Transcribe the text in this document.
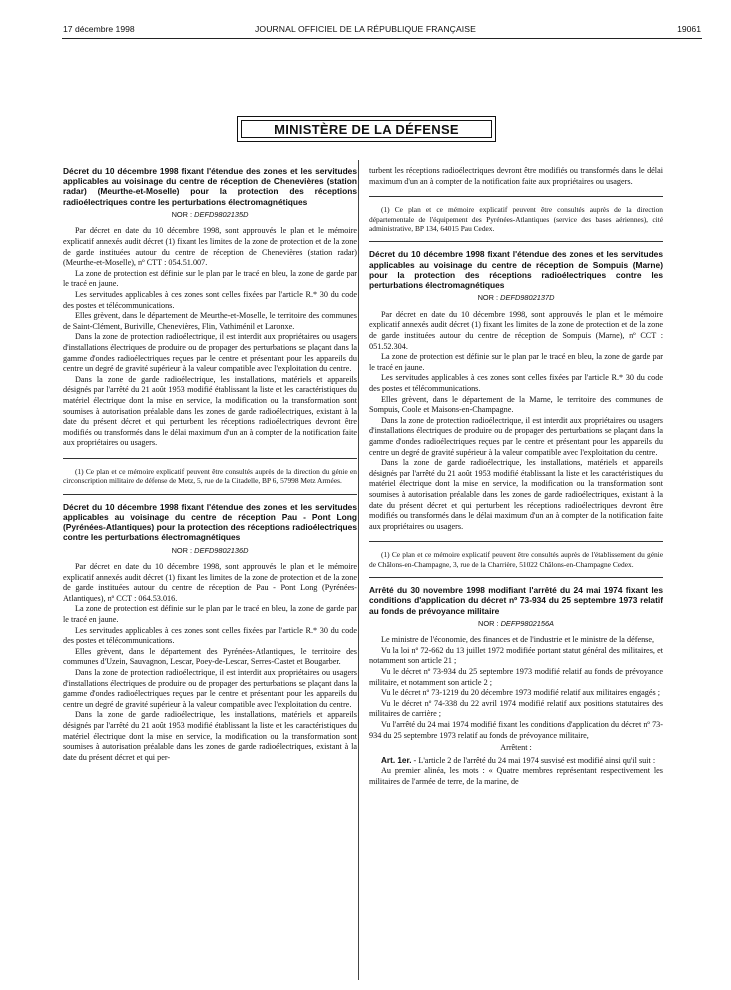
17 décembre 1998	JOURNAL OFFICIEL DE LA RÉPUBLIQUE FRANÇAISE	19061
MINISTÈRE DE LA DÉFENSE
Décret du 10 décembre 1998 fixant l'étendue des zones et les servitudes applicables au voisinage du centre de réception de Chenevières (station radar) (Meurthe-et-Moselle) pour la protection des réceptions radioélectriques contre les perturbations électromagnétiques
NOR : DEFD9802135D

Par décret en date du 10 décembre 1998, sont approuvés le plan et le mémoire explicatif annexés audit décret (1) fixant les limites de la zone de protection et de la zone de garde instituées autour du centre de réception de Chenevières (station radar) (Meurthe-et-Moselle), nº CTT : 054.51.007.

La zone de protection est définie sur le plan par le tracé en bleu, la zone de garde par le tracé en jaune.

Les servitudes applicables à ces zones sont celles fixées par l'article R.* 30 du code des postes et télécommunications.

Elles grèvent, dans le département de Meurthe-et-Moselle, le territoire des communes de Saint-Clément, Buriville, Chenevières, Flin, Vathiménil et Laronxe.

Dans la zone de protection radioélectrique, il est interdit aux propriétaires ou usagers d'installations électriques de produire ou de propager des perturbations se plaçant dans la gamme d'ondes radioélectriques reçues par le centre et présentant pour les appareils du centre un degré de gravité supérieur à la valeur compatible avec l'exploitation du centre.

Dans la zone de garde radioélectrique, les installations, matériels et appareils désignés par l'arrêté du 21 août 1953 modifié établissant la liste et les caractéristiques du matériel électrique dont la mise en service, la modification ou la transformation sont soumises à autorisation préalable dans les zones de garde radioélectriques, existant à la date du présent décret et qui perturbent les réceptions radioélectriques devront être modifiés ou transformés dans le délai maximum d'un an à compter de la notification faite aux propriétaires ou usagers.

(1) Ce plan et ce mémoire explicatif peuvent être consultés auprès de la direction du génie en circonscription militaire de défense de Metz, 5, rue de la Citadelle, BP 6, 57998 Metz Armées.

Décret du 10 décembre 1998 fixant l'étendue des zones et les servitudes applicables au voisinage du centre de réception Pau - Pont Long (Pyrénées-Atlantiques) pour la protection des réceptions radioélectriques contre les perturbations électromagnétiques
NOR : DEFD9802136D

Par décret en date du 10 décembre 1998, sont approuvés le plan et le mémoire explicatif annexés audit décret (1) fixant les limites de la zone de protection et de la zone de garde instituées autour du centre de réception de Pau - Pont Long (Pyrénées-Atlantiques), nº CCT : 064.53.016.

La zone de protection est définie sur le plan par le tracé en bleu, la zone de garde par le tracé en jaune.

Les servitudes applicables à ces zones sont celles fixées par l'article R.* 30 du code des postes et télécommunications.

Elles grèvent, dans le département des Pyrénées-Atlantiques, le territoire des communes d'Uzein, Sauvagnon, Lescar, Poey-de-Lescar, Serres-Castet et Bougarber.

Dans la zone de protection radioélectrique, il est interdit aux propriétaires ou usagers d'installations électriques de produire ou de propager des perturbations se plaçant dans la gamme d'ondes radioélectriques reçues par le centre et présentant pour les appareils du centre un degré de gravité supérieur à la valeur compatible avec l'exploitation du centre.

Dans la zone de garde radioélectrique, les installations, matériels et appareils désignés par l'arrêté du 21 août 1953 modifié établissant la liste et les caractéristiques du matériel électrique dont la mise en service, la modification ou la transformation sont soumises à autorisation préalable dans les zones de garde radioélectriques, existant à la date du présent décret et qui per-

turbent les réceptions radioélectriques devront être modifiés ou transformés dans le délai maximum d'un an à compter de la notification faite aux propriétaires ou usagers.

(1) Ce plan et ce mémoire explicatif peuvent être consultés auprès de la direction départementale de l'équipement des Pyrénées-Atlantiques (service des bases aériennes), cité administrative, BP 134, 64015 Pau Cedex.

Décret du 10 décembre 1998 fixant l'étendue des zones et les servitudes applicables au voisinage du centre de réception de Sompuis (Marne) pour la protection des réceptions radioélectriques contre les perturbations électromagnétiques
NOR : DEFD9802137D

Par décret en date du 10 décembre 1998, sont approuvés le plan et le mémoire explicatif annexés audit décret (1) fixant les limites de la zone de protection et de la zone de garde instituées autour du centre de réception de Sompuis (Marne), nº CCT : 051.52.304.

La zone de protection est définie sur le plan par le tracé en bleu, la zone de garde par le tracé en jaune.

Les servitudes applicables à ces zones sont celles fixées par l'article R.* 30 du code des postes et télécommunications.

Elles grèvent, dans le département de la Marne, le territoire des communes de Sompuis, Coole et Maisons-en-Champagne.

Dans la zone de protection radioélectrique, il est interdit aux propriétaires ou usagers d'installations électriques de produire ou de propager des perturbations se plaçant dans la gamme d'ondes radioélectriques reçues par le centre et présentant pour les appareils du centre un degré de gravité supérieur à la valeur compatible avec l'exploitation du centre.

Dans la zone de garde radioélectrique, les installations, matériels et appareils désignés par l'arrêté du 21 août 1953 modifié établissant la liste et les caractéristiques du matériel électrique dont la mise en service, la modification ou la transformation sont soumises à autorisation préalable dans les zones de garde radioélectriques, existant à la date du présent décret et qui perturbent les réceptions radioélectriques devront être modifiés ou transformés dans le délai maximum d'un an à compter de la notification faite aux propriétaires ou usagers.

(1) Ce plan et ce mémoire explicatif peuvent être consultés auprès de l'établissement du génie de Châlons-en-Champagne, 3, rue de la Charrière, 51022 Châlons-en-Champagne Cedex.

Arrêté du 30 novembre 1998 modifiant l'arrêté du 24 mai 1974 fixant les conditions d'application du décret nº 73-934 du 25 septembre 1973 relatif au fonds de prévoyance militaire
NOR : DEFP9802156A

Le ministre de l'économie, des finances et de l'industrie et le ministre de la défense,

Vu la loi nº 72-662 du 13 juillet 1972 modifiée portant statut général des militaires, et notamment son article 21 ;

Vu le décret nº 73-934 du 25 septembre 1973 modifié relatif au fonds de prévoyance militaire, et notamment son article 2 ;

Vu le décret nº 73-1219 du 20 décembre 1973 modifié relatif aux militaires engagés ;

Vu le décret nº 74-338 du 22 avril 1974 modifié relatif aux positions statutaires des militaires de carrière ;

Vu l'arrêté du 24 mai 1974 modifié fixant les conditions d'application du décret nº 73-934 du 25 septembre 1973 relatif au fonds de prévoyance militaire,

Arrêtent :

Art. 1er. - L'article 2 de l'arrêté du 24 mai 1974 susvisé est modifié ainsi qu'il suit :

Au premier alinéa, les mots : « Quatre membres représentant respectivement les militaires de l'armée de terre, de la marine, de
